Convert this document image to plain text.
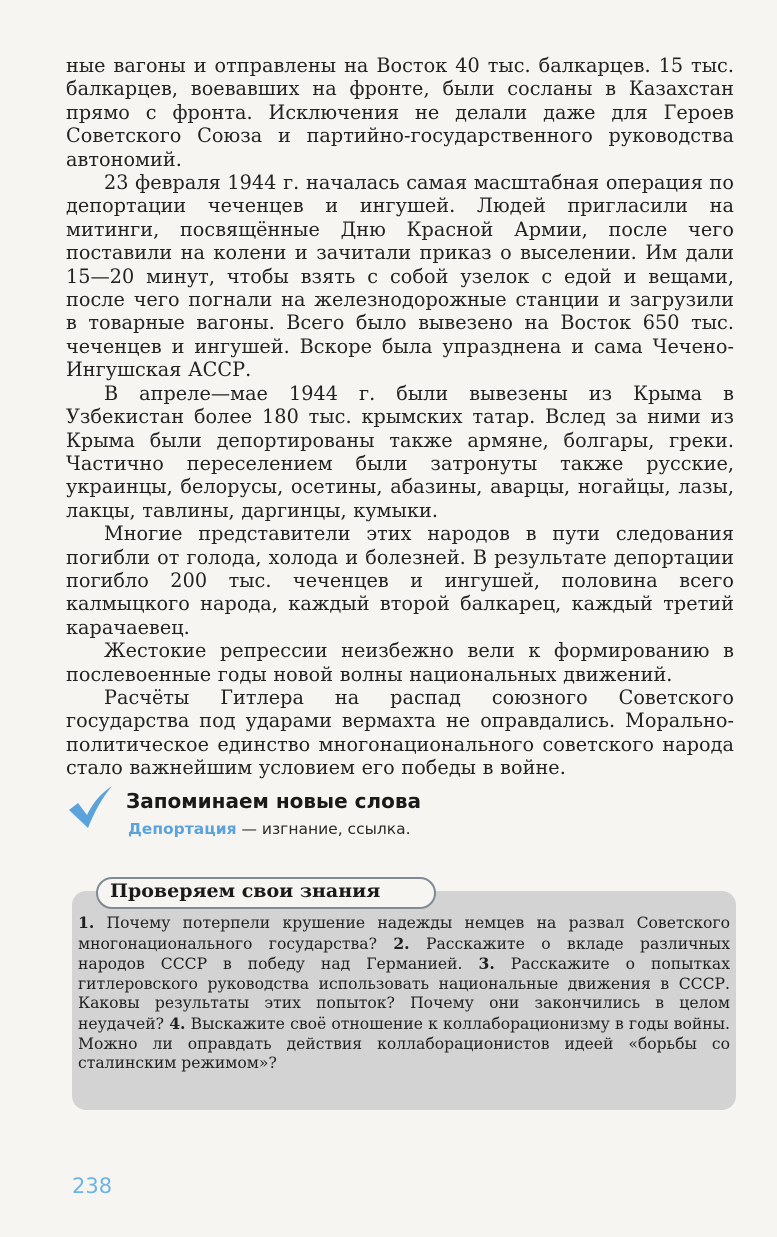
ные вагоны и отправлены на Восток 40 тыс. балкарцев. 15 тыс. балкарцев, воевавших на фронте, были сосланы в Казахстан прямо с фронта. Исключения не делали даже для Героев Советского Союза и партийно-государственного руководства автономий.

23 февраля 1944 г. началась самая масштабная операция по депортации чеченцев и ингушей. Людей пригласили на митинги, посвящённые Дню Красной Армии, после чего поставили на колени и зачитали приказ о выселении. Им дали 15—20 минут, чтобы взять с собой узелок с едой и вещами, после чего погнали на железнодорожные станции и загрузили в товарные вагоны. Всего было вывезено на Восток 650 тыс. чеченцев и ингушей. Вскоре была упразднена и сама Чечено-Ингушская АССР.

В апреле—мае 1944 г. были вывезены из Крыма в Узбекистан более 180 тыс. крымских татар. Вслед за ними из Крыма были депортированы также армяне, болгары, греки. Частично переселением были затронуты также русские, украинцы, белорусы, осетины, абазины, аварцы, ногайцы, лазы, лакцы, тавлины, даргинцы, кумыки.

Многие представители этих народов в пути следования погибли от голода, холода и болезней. В результате депортации погибло 200 тыс. чеченцев и ингушей, половина всего калмыцкого народа, каждый второй балкарец, каждый третий карачаевец.

Жестокие репрессии неизбежно вели к формированию в послевоенные годы новой волны национальных движений.

Расчёты Гитлера на распад союзного Советского государства под ударами вермахта не оправдались. Морально-политическое единство многонационального советского народа стало важнейшим условием его победы в войне.

Запоминаем новые слова
Депортация — изгнание, ссылка.
Проверяем свои знания
1. Почему потерпели крушение надежды немцев на развал Советского многонационального государства? 2. Расскажите о вкладе различных народов СССР в победу над Германией. 3. Расскажите о попытках гитлеровского руководства использовать национальные движения в СССР. Каковы результаты этих попыток? Почему они закончились в целом неудачей? 4. Выскажите своё отношение к коллаборационизму в годы войны. Можно ли оправдать действия коллаборационистов идеей «борьбы со сталинским режимом»?
238
